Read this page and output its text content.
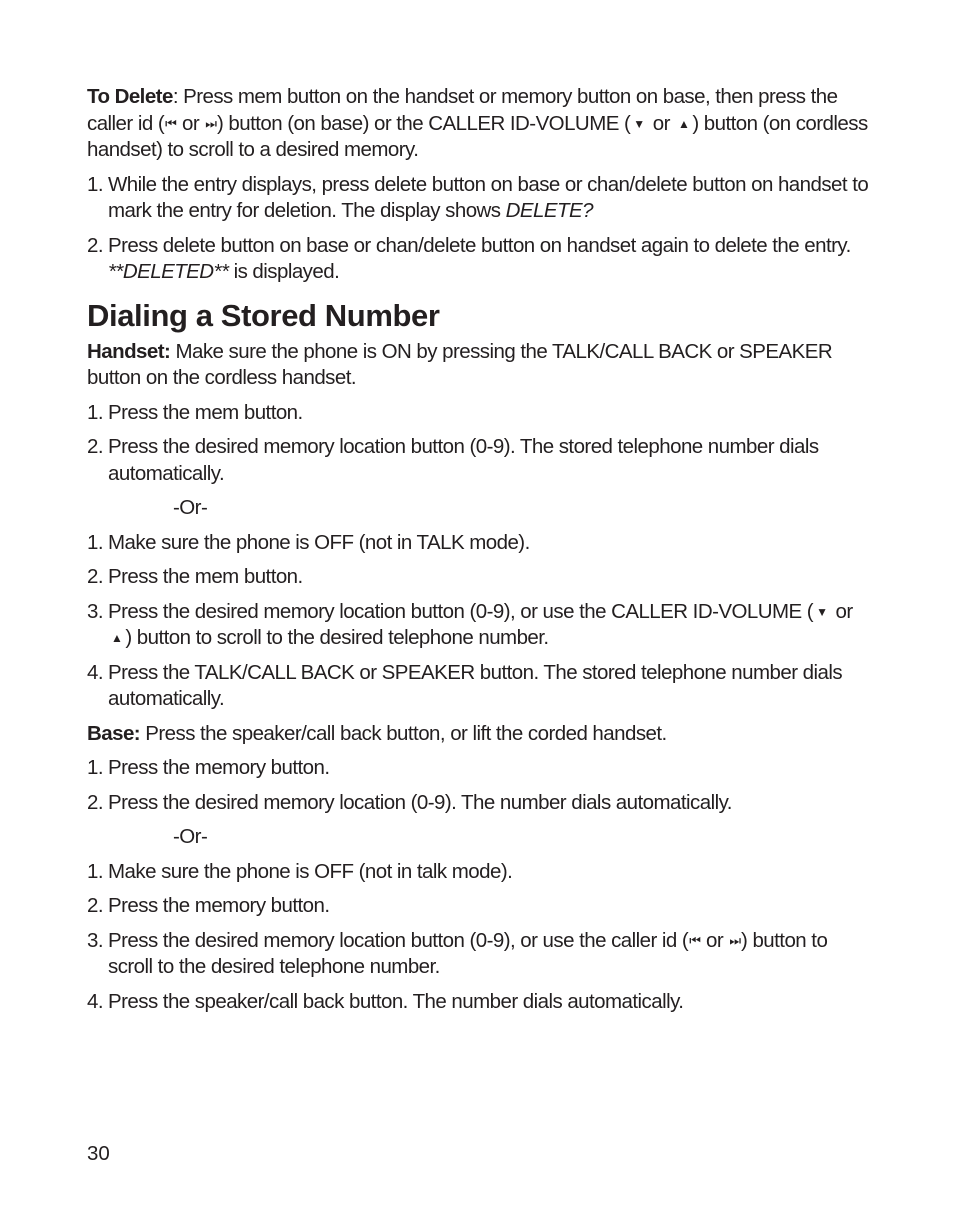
To Delete: Press mem button on the handset or memory button on base, then press the caller id (⏮ or ⏭) button (on base) or the CALLER ID-VOLUME ( ▼ or ▲ ) button (on cordless handset) to scroll to a desired memory.

1. While the entry displays, press delete button on base or chan/delete button on handset to mark the entry for deletion. The display shows DELETE?
2. Press delete button on base or chan/delete button on handset again to delete the entry. **DELETED** is displayed.
Dialing a Stored Number

Handset: Make sure the phone is ON by pressing the TALK/CALL BACK or SPEAKER button on the cordless handset.

1. Press the mem button.
2. Press the desired memory location button (0-9). The stored telephone number dials automatically.
-Or-
1. Make sure the phone is OFF (not in TALK mode).
2. Press the mem button.
3. Press the desired memory location button (0-9), or use the CALLER ID-VOLUME ( ▼ or ▲ ) button to scroll to the desired telephone number.
4. Press the TALK/CALL BACK or SPEAKER button. The stored telephone number dials automatically.

Base: Press the speaker/call back button, or lift the corded handset.

1. Press the memory button.
2. Press the desired memory location (0-9). The number dials automatically.
-Or-
1. Make sure the phone is OFF (not in talk mode).
2. Press the memory button.
3. Press the desired memory location button (0-9), or use the caller id (⏮ or ⏭) button to scroll to the desired telephone number.
4. Press the speaker/call back button. The number dials automatically.
30
